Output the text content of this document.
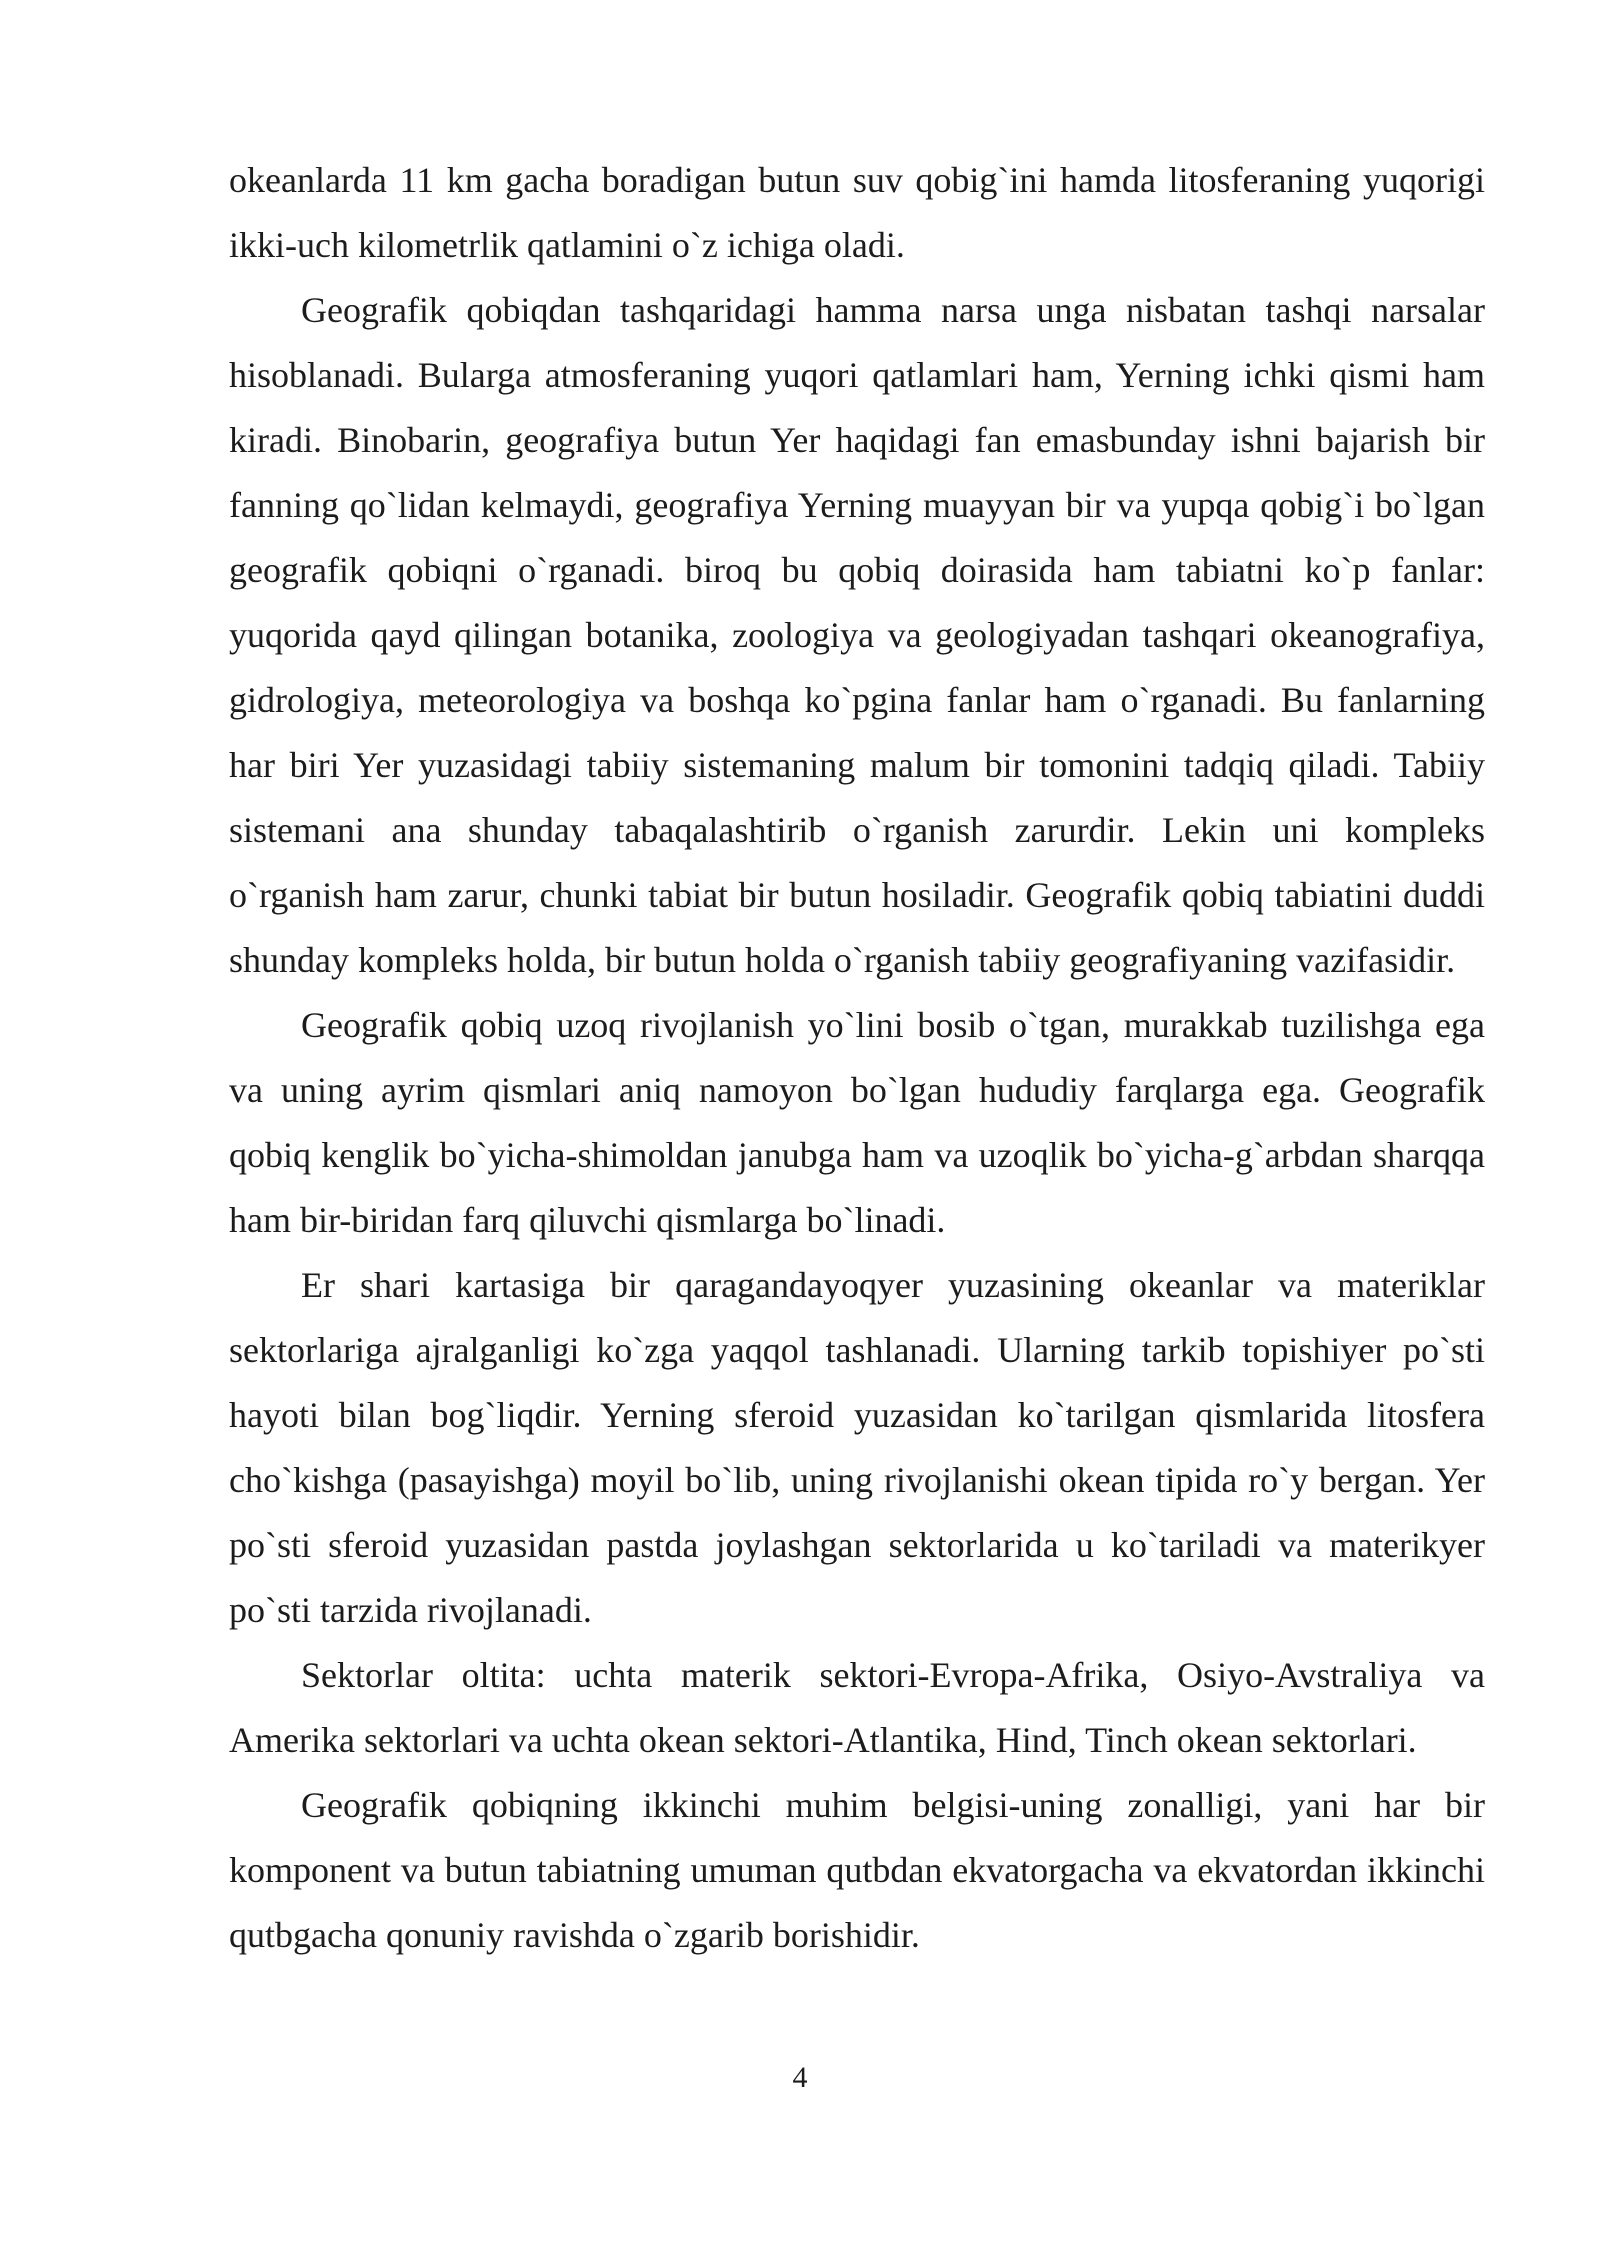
okeanlarda 11 km gacha boradigan butun suv qobig`ini hamda litosferaning yuqorigi ikki-uch kilometrlik qatlamini o`z ichiga oladi.

Geografik qobiqdan tashqaridagi hamma narsa unga nisbatan tashqi narsalar hisoblanadi. Bularga atmosferaning yuqori qatlamlari ham, Yerning ichki qismi ham kiradi. Binobarin, geografiya butun Yer haqidagi fan emasbunday ishni bajarish bir fanning qo`lidan kelmaydi, geografiya Yerning muayyan bir va yupqa qobig`i bo`lgan geografik qobiqni o`rganadi. biroq bu qobiq doirasida ham tabiatni ko`p fanlar: yuqorida qayd qilingan botanika, zoologiya va geologiyadan tashqari okeanografiya, gidrologiya, meteorologiya va boshqa ko`pgina fanlar ham o`rganadi. Bu fanlarning har biri Yer yuzasidagi tabiiy sistemaning malum bir tomonini tadqiq qiladi. Tabiiy sistemani ana shunday tabaqalashtirib o`rganish zarurdir. Lekin uni kompleks o`rganish ham zarur, chunki tabiat bir butun hosiladir. Geografik qobiq tabiatini duddi shunday kompleks holda, bir butun holda o`rganish tabiiy geografiyaning vazifasidir.

Geografik qobiq uzoq rivojlanish yo`lini bosib o`tgan, murakkab tuzilishga ega va uning ayrim qismlari aniq namoyon bo`lgan hududiy farqlarga ega. Geografik qobiq kenglik bo`yicha-shimoldan janubga ham va uzoqlik bo`yicha-g`arbdan sharqqa ham bir-biridan farq qiluvchi qismlarga bo`linadi.

Er shari kartasiga bir qaragandayoqyer yuzasining okeanlar va materiklar sektorlariga ajralganligi ko`zga yaqqol tashlanadi. Ularning tarkib topishiyer po`sti hayoti bilan bog`liqdir. Yerning sferoid yuzasidan ko`tarilgan qismlarida litosfera cho`kishga (pasayishga) moyil bo`lib, uning rivojlanishi okean tipida ro`y bergan. Yer po`sti sferoid yuzasidan pastda joylashgan sektorlarida u ko`tariladi va materikyer po`sti tarzida rivojlanadi.

Sektorlar oltita: uchta materik sektori-Evropa-Afrika, Osiyo-Avstraliya va Amerika sektorlari va uchta okean sektori-Atlantika, Hind, Tinch okean sektorlari.

Geografik qobiqning ikkinchi muhim belgisi-uning zonalligi, yani har bir komponent va butun tabiatning umuman qutbdan ekvatorgacha va ekvatordan ikkinchi qutbgacha qonuniy ravishda o`zgarib borishidir.

4
